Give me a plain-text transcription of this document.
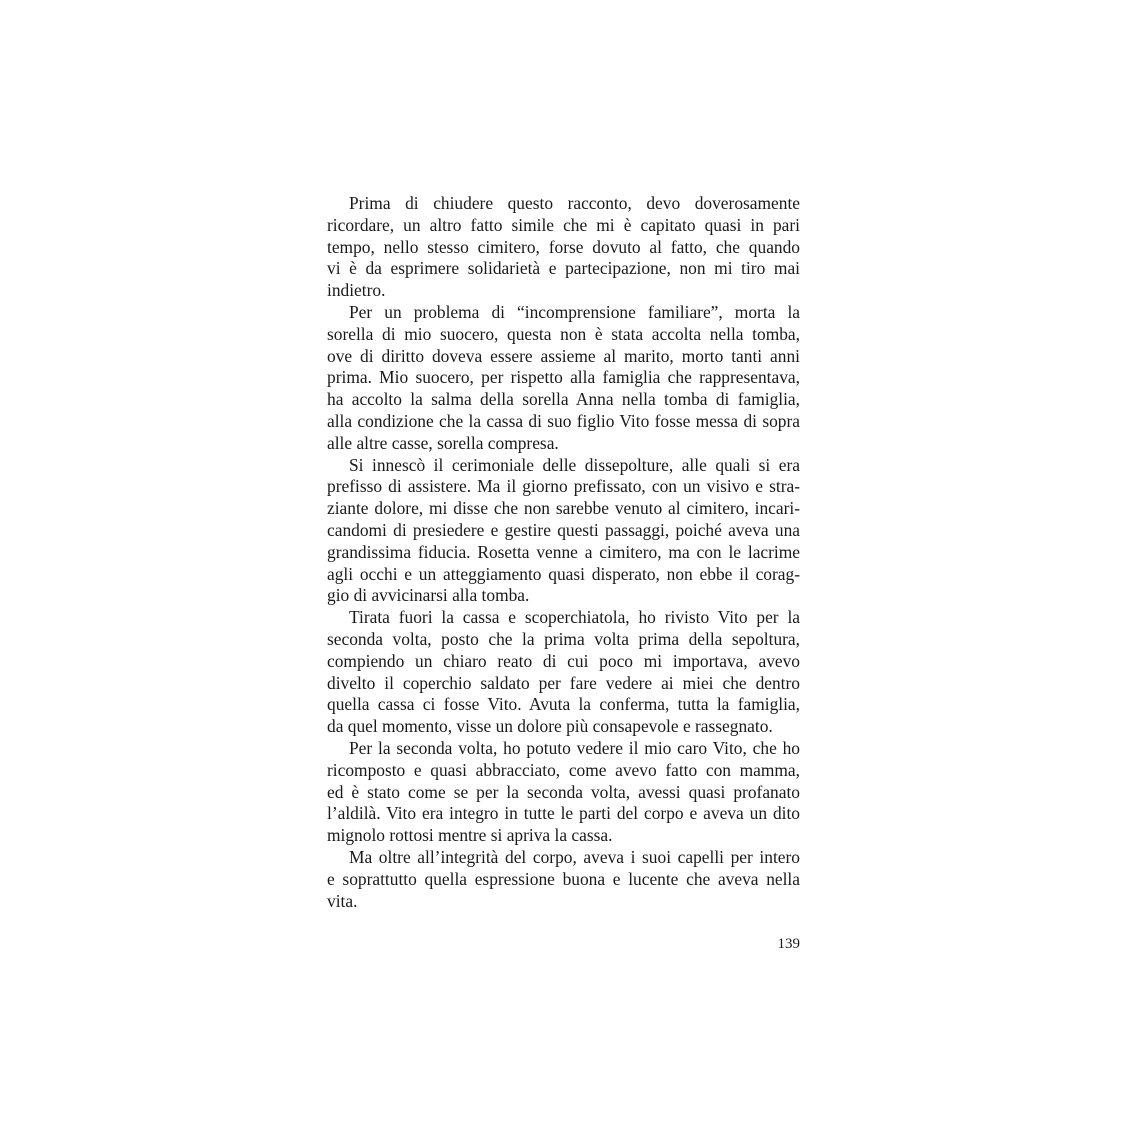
Prima di chiudere questo racconto, devo doverosamente
ricordare, un altro fatto simile che mi è capitato quasi in pari
tempo, nello stesso cimitero, forse dovuto al fatto, che quando
vi è da esprimere solidarietà e partecipazione, non mi tiro mai
indietro.
Per un problema di “incomprensione familiare”, morta la
sorella di mio suocero, questa non è stata accolta nella tomba,
ove di diritto doveva essere assieme al marito, morto tanti anni
prima. Mio suocero, per rispetto alla famiglia che rappresentava,
ha accolto la salma della sorella Anna nella tomba di famiglia,
alla condizione che la cassa di suo figlio Vito fosse messa di sopra
alle altre casse, sorella compresa.
Si innescò il cerimoniale delle dissepolture, alle quali si era
prefisso di assistere. Ma il giorno prefissato, con un visivo e stra-
ziante dolore, mi disse che non sarebbe venuto al cimitero, incari-
candomi di presiedere e gestire questi passaggi, poiché aveva una
grandissima fiducia. Rosetta venne a cimitero, ma con le lacrime
agli occhi e un atteggiamento quasi disperato, non ebbe il corag-
gio di avvicinarsi alla tomba.
Tirata fuori la cassa e scoperchiatola, ho rivisto Vito per la
seconda volta, posto che la prima volta prima della sepoltura,
compiendo un chiaro reato di cui poco mi importava, avevo
divelto il coperchio saldato per fare vedere ai miei che dentro
quella cassa ci fosse Vito. Avuta la conferma, tutta la famiglia,
da quel momento, visse un dolore più consapevole e rassegnato.
Per la seconda volta, ho potuto vedere il mio caro Vito, che ho
ricomposto e quasi abbracciato, come avevo fatto con mamma,
ed è stato come se per la seconda volta, avessi quasi profanato
l’aldilà. Vito era integro in tutte le parti del corpo e aveva un dito
mignolo rottosi mentre si apriva la cassa.
Ma oltre all’integrità del corpo, aveva i suoi capelli per intero
e soprattutto quella espressione buona e lucente che aveva nella
vita.
139
